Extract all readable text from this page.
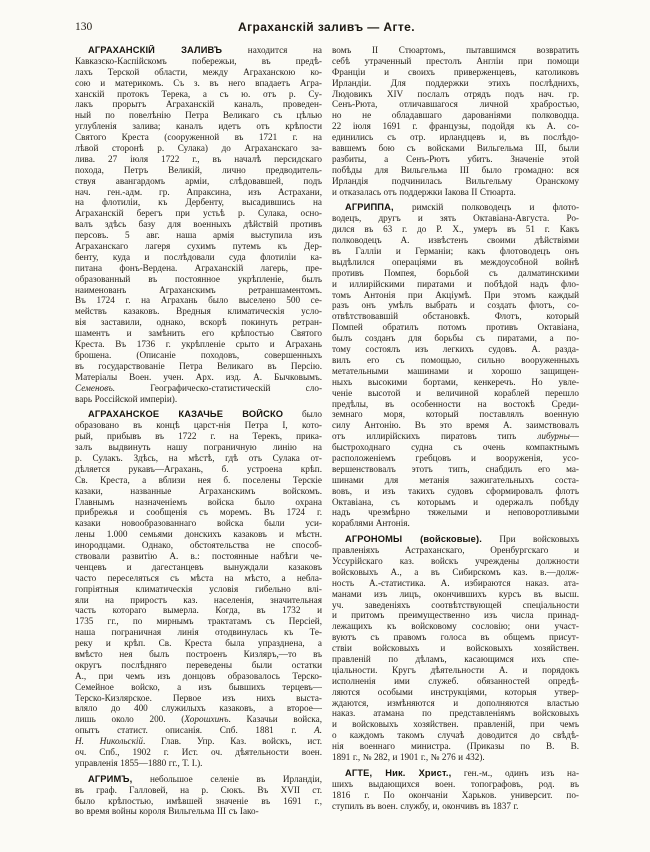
130	Аграханскій заливъ — Агте.
АГРАХАНСКІЙ ЗАЛИВЪ находится на
Кавказско-Каспійскомъ побережьи, въ предѣ-
лахъ Терской области, между Аграханскою ко-
сою и материкомъ. Съ з. въ него впадаетъ Агра-
ханскій протокъ Терека, а съ ю. отъ р. Су-
лакъ прорытъ Аграханскій каналъ, проведен-
ный по повелѣнію Петра Великаго съ цѣлью
углубленія залива; каналъ идетъ отъ крѣпости
Святого Креста (сооруженной въ 1721 г. на
лѣвой сторонѣ р. Сулака) до Аграханскаго за-
лива. 27 іюля 1722 г., въ началѣ персидскаго
похода, Петръ Великій, лично предводитель-
ствуя авангардомъ арміи, слѣдовавшей, подъ
нач. ген.-адм. гр. Апраксина, изъ Астрахани,
на флотиліи, къ Дербенту, высадившись на
Аграханскій берегъ при устьѣ р. Сулака, осно-
валъ здѣсь базу для военныхъ дѣйствій противъ
персовъ. 5 авг. наша армія выступила изъ
Аграханскаго лагеря сухимъ путемъ къ Дер-
бенту, куда и послѣдовали суда флотиліи ка-
питана фонъ-Вердена. Аграханскій лагерь, пре-
образованный въ постоянное укрѣпленіе, былъ
наименованъ Аграханскимъ ретраншаментомъ.
Въ 1724 г. на Аграхань было выселено 500 се-
мействъ казаковъ. Вредныя климатическія усло-
вія заставили, однако, вскорѣ покинуть ретран-
шаментъ и замѣнить его крѣпостью Святого
Креста. Въ 1736 г. укрѣпленіе срыто и Аграхань
брошена. (Описаніе походовъ, совершенныхъ
въ государствованіе Петра Великаго въ Персію.
Матеріалы Воен. учен. Арх. изд. А. Бычковымъ.
Семеновъ. Географическо-статистическій сло-
варь Россійской имперіи).
АГРАХАНСКОЕ КАЗАЧЬЕ ВОЙСКО было
образовано въ концѣ царст-нія Петра I, кото-
рый, прибывъ въ 1722 г. на Терекъ, прика-
залъ выдвинуть нашу пограничную линію на
р. Сулакъ. Здѣсь, на мѣстѣ, гдѣ отъ Сулака от-
дѣляется рукавъ—Аграхань, б. устроена крѣп.
Св. Креста, а вблизи нея б. поселены Терскіе
казаки, названные Аграханскимъ войскомъ.
Главнымъ назначеніемъ войска было охрана
прибрежья и сообщенія съ моремъ. Въ 1724 г.
казаки новообразованнаго войска были уси-
лены 1.000 семьями донскихъ казаковъ и мѣстн.
инородцами. Однако, обстоятельства не способ-
ствовали развитію А. в.: постоянные набѣги че-
ченцевъ и дагестанцевъ вынуждали казаковъ
часто переселяться съ мѣста на мѣсто, а небла-
гопріятныя климатическія условія гибельно влі-
яли на приростъ каз. населенія, значительная
часть котораго вымерла. Когда, въ 1732 и
1735 гг., по мирнымъ трактатамъ съ Персіей,
наша пограничная линія отодвинулась къ Те-
реку и крѣп. Св. Креста была упразднена, а
вмѣсто нея былъ построенъ Кизляръ,—то въ
округъ послѣдняго переведены были остатки
А., при чемъ изъ донцовъ образовалось Терско-
Семейное войско, а изъ бывшихъ терцевъ—
Терско-Кизлярское. Первое изъ нихъ выста-
вляло до 400 служилыхъ казаковъ, а второе—
лишь около 200. (Хорошхинъ. Казачьи войска,
опытъ статист. описанія. Спб. 1881 г. А.
Н. Никольскій. Глав. Упр. Каз. войскъ, ист.
оч. Спб., 1902 г. Ист. оч. дѣятельности воен.
управленія 1855—1880 гг., Т. I.).
АГРИМЪ, небольшое селеніе въ Ирландіи,
въ граф. Галловей, на р. Сюкъ. Въ XVII ст.
было крѣпостью, имѣвшей значеніе въ 1691 г.,
во время войны короля Вильгельма III съ Іако-
вомъ II Стюартомъ, пытавшимся возвратить
себѣ утраченный престолъ Англіи при помощи
Франціи и своихъ приверженцевъ, католиковъ
Ирландіи. Для поддержки этихъ послѣднихъ,
Людовикъ XIV послалъ отрядъ подъ нач. гр.
Сенъ-Рюта, отличавшагося личной храбростью,
но не обладавшаго дарованіями полководца.
22 іюля 1691 г. французы, подойдя къ А. со-
единились съ отр. ирландцевъ и, въ послѣдо-
вавшемъ бою съ войсками Вильгельма III, были
разбиты, а Сенъ-Рютъ убитъ. Значеніе этой
побѣды для Вильгельма III было громадно: вся
Ирландія подчинилась Вильгельму Оранскому
и отказалась отъ поддержки Іакова II Стюарта.
АГРИППА, римскій полководецъ и флото-
водецъ, другъ и зять Октавіана-Августа. Ро-
дился въ 63 г. до Р. Х., умеръ въ 51 г. Какъ
полководецъ А. извѣстенъ своими дѣйствіями
въ Галліи и Германіи; какъ флотоводецъ онъ
выдѣлился операціями въ междоусобной войнѣ
противъ Помпея, борьбой съ далматинскими
и иллирійскими пиратами и побѣдой надъ фло-
томъ Антонія при Акціумѣ. При этомъ каждый
разъ онъ умѣлъ выбрать и создать флотъ, со-
отвѣтствовавшій обстановкѣ. Флотъ, который
Помпей обратилъ потомъ противъ Октавіана,
былъ созданъ для борьбы съ пиратами, а по-
тому состоялъ изъ легкихъ судовъ. А. разда-
вилъ его съ помощью, сильно вооруженныхъ
метательными машинами и хорошо защищен-
ныхъ высокими бортами, кенкеречъ. Но увле-
ченіе высотой и величиной кораблей перешло
предѣлы, въ особенности на востокѣ Среди-
земнаго моря, который поставлялъ военную
силу Антонію. Въ это время А. заимствовалъ
отъ иллирійскихъ пиратовъ типъ либурны—
быстроходнаго судна съ очень компактнымъ
расположеніемъ гребцовъ и вооруженія, усо-
вершенствовалъ этотъ типъ, снабдилъ его ма-
шинами для метанія зажигательныхъ соста-
вовъ, и изъ такихъ судовъ сформировалъ флотъ
Октавіана, съ которымъ и одержалъ побѣду
надъ чрезмѣрно тяжелыми и неповоротливыми
кораблями Антонія.
АГРОНОМЫ (войсковые). При войсковыхъ
правленіяхъ Астраханскаго, Оренбургскаго и
Уссурійскаго каз. войскъ учреждены должности
войсковыхъ А., а въ Сибирскомъ каз. в.—долж-
ность А.-статистика. А. избираются наказ. ата-
манами изъ лицъ, окончившихъ курсъ въ высш.
уч. заведеніяхъ соотвѣтствующей спеціальности
и притомъ преимущественно изъ числа принад-
лежащихъ къ войсковому сословію; они участ-
вуютъ съ правомъ голоса въ общемъ присут-
ствіи войсковыхъ и войсковыхъ хозяйствен.
правленій по дѣламъ, касающимся ихъ спе-
ціальности. Кругъ дѣятельности А. и порядокъ
исполненія ими служеб. обязанностей опредѣ-
ляются особыми инструкціями, которыя утвер-
ждаются, измѣняются и дополняются властью
наказ. атамана по представленіямъ войсковыхъ
и войсковыхъ хозяйствен. правленій, при чемъ
о каждомъ такомъ случаѣ доводится до свѣдѣ-
нія военнаго министра. (Приказы по В. В.
1891 г., № 282, и 1901 г., № 276 и 432).
АГТЕ, Ник. Христ., ген.-м., одинъ изъ на-
шихъ выдающихся воен. топографовъ, род. въ
1816 г. По окончаніи Харьков. университ. по-
ступилъ въ воен. службу, и, окончивъ въ 1837 г.
